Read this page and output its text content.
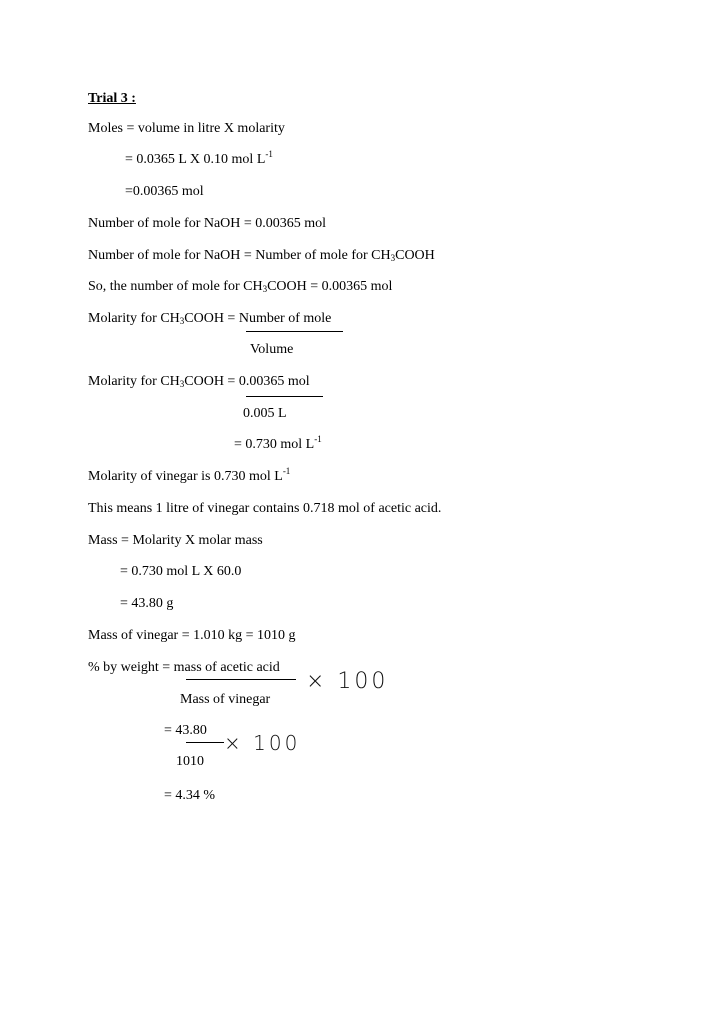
Trial 3 :
Moles = volume in litre X molarity
= 0.0365 L X 0.10 mol $L^{-1}$
=0.00365 mol
Number of mole for NaOH = 0.00365 mol
Number of mole for NaOH = Number of mole for $CH_3COOH$
So, the number of mole for $CH_3COOH = 0.00365$ mol
Molarity for $CH_3COOH$ = Number of mole
Volume
Molarity for $CH_3COOH = 0.00365$ mol
0.005 L
= 0.730 mol $L^{-1}$
Molarity of vinegar is 0.730 mol $L^{-1}$
This means 1 litre of vinegar contains 0.718 mol of acetic acid.
Mass = Molarity X molar mass
= 0.730 mol L X 60.0
= 43.80 g
Mass of vinegar = 1.010 kg = 1010 g
% by weight = mass of acetic acid
× 100
Mass of vinegar
= 43.80
× 100
1010
= 4.34 %
